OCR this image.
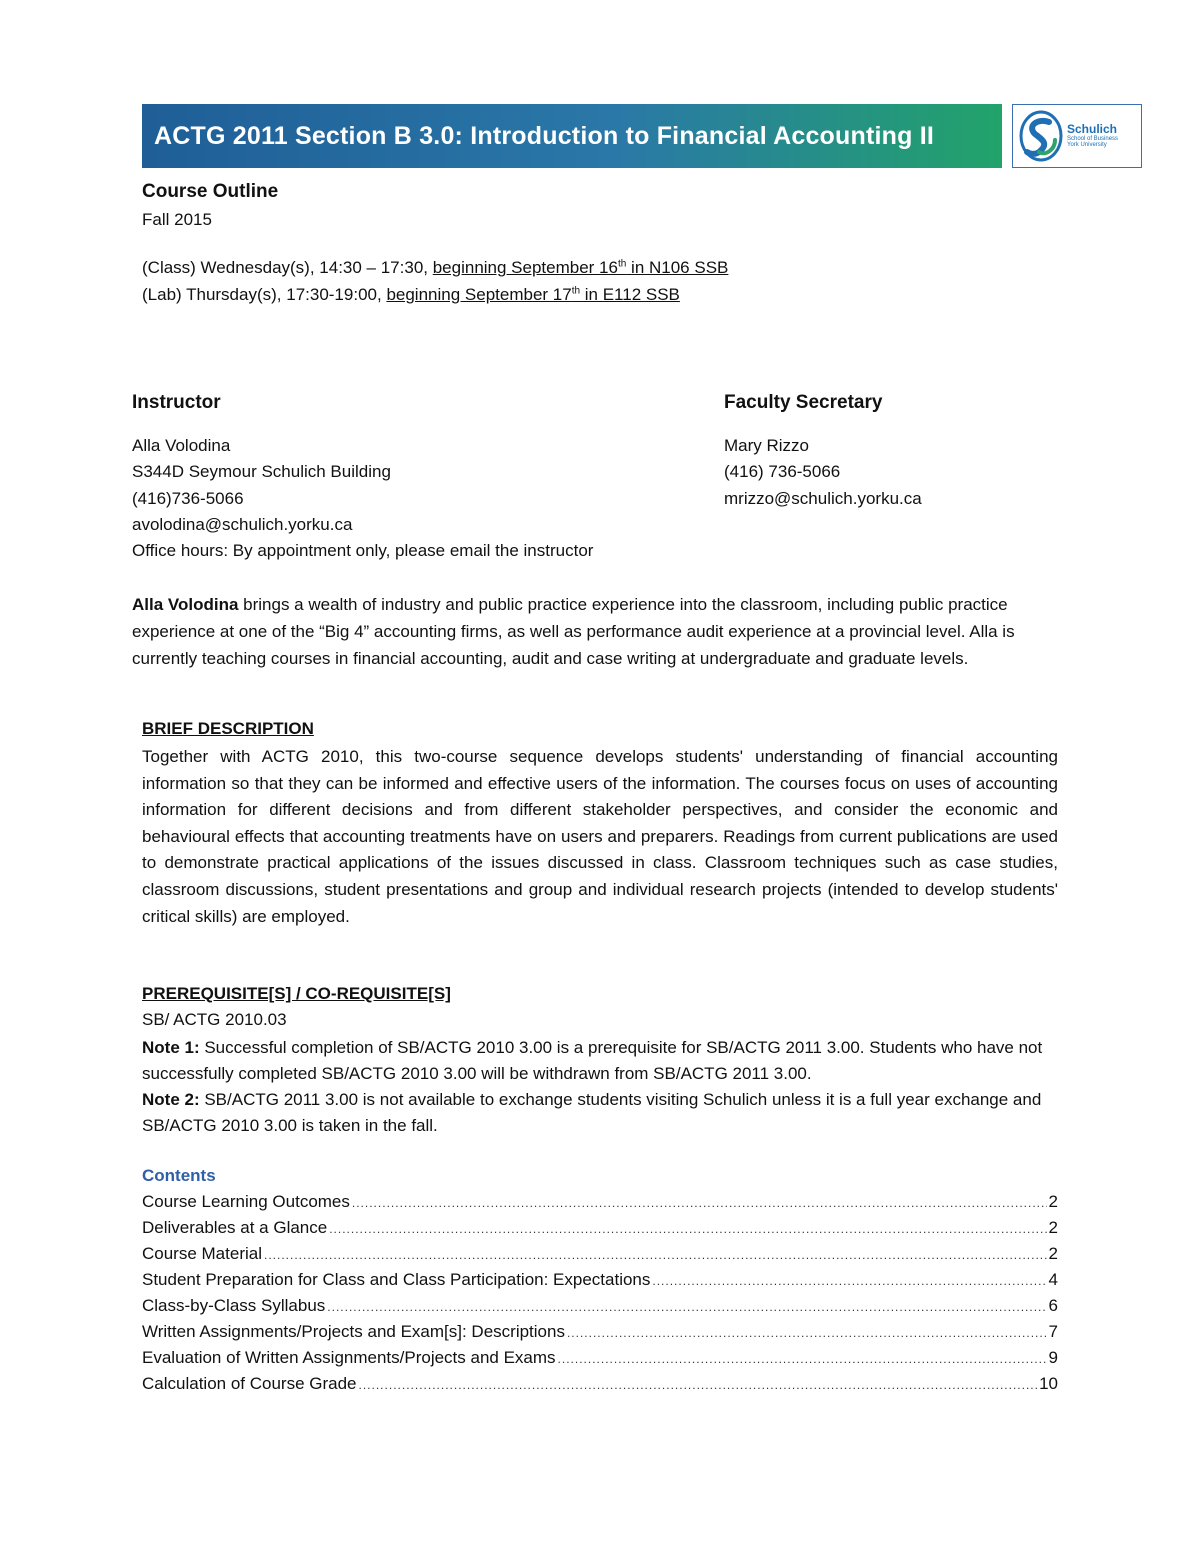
ACTG 2011 Section B 3.0: Introduction to Financial Accounting II	Schulich
School of Business
York University
Course Outline
Fall 2015
(Class) Wednesday(s), 14:30 – 17:30, beginning September 16th in N106 SSB
(Lab) Thursday(s), 17:30-19:00, beginning September 17th in E112 SSB
Instructor
Alla Volodina
S344D Seymour Schulich Building
(416)736-5066
avolodina@schulich.yorku.ca
Office hours: By appointment only, please email the instructor
Faculty Secretary
Mary Rizzo
(416) 736-5066
mrizzo@schulich.yorku.ca
Alla Volodina brings a wealth of industry and public practice experience into the classroom, including public practice experience at one of the “Big 4” accounting firms, as well as performance audit experience at a provincial level. Alla is currently teaching courses in financial accounting, audit and case writing at undergraduate and graduate levels.
BRIEF DESCRIPTION
Together with ACTG 2010, this two-course sequence develops students' understanding of financial accounting information so that they can be informed and effective users of the information. The courses focus on uses of accounting information for different decisions and from different stakeholder perspectives, and consider the economic and behavioural effects that accounting treatments have on users and preparers. Readings from current publications are used to demonstrate practical applications of the issues discussed in class. Classroom techniques such as case studies, classroom discussions, student presentations and group and individual research projects (intended to develop students' critical skills) are employed.
PREREQUISITE[S] / CO-REQUISITE[S]
SB/ ACTG 2010.03
Note 1: Successful completion of SB/ACTG 2010 3.00 is a prerequisite for SB/ACTG 2011 3.00. Students who have not successfully completed SB/ACTG 2010 3.00 will be withdrawn from SB/ACTG 2011 3.00.
Note 2: SB/ACTG 2011 3.00 is not available to exchange students visiting Schulich unless it is a full year exchange and SB/ACTG 2010 3.00 is taken in the fall.
Contents
Course Learning Outcomes .....	2
Deliverables at a Glance .....	2
Course Material .....	2
Student Preparation for Class and Class Participation: Expectations .....	4
Class-by-Class Syllabus .....	6
Written Assignments/Projects and Exam[s]: Descriptions .....	7
Evaluation of Written Assignments/Projects and Exams .....	9
Calculation of Course Grade .....	10
